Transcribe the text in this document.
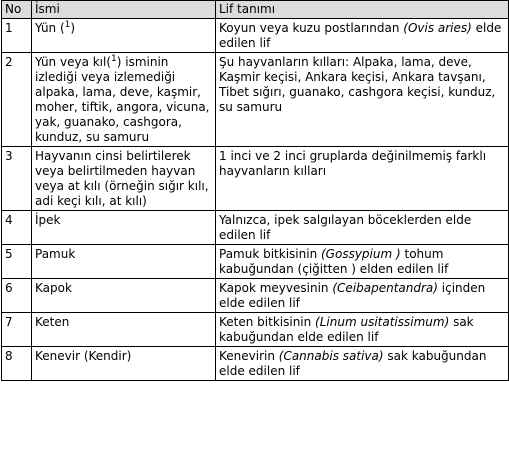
No	İsmi	Lif tanımı
1	Yün ($^1$)	Koyun veya kuzu postlarından (Ovis aries) elde edilen lif
2	Yün veya kıl($^1$) isminin izlediği veya izlemediği alpaka, lama, deve, kaşmir, moher, tiftik, angora, vicuna, yak, guanako, cashgora, kunduz, su samuru	Şu hayvanların kılları: Alpaka, lama, deve, Kaşmir keçisi, Ankara keçisi, Ankara tavşanı, Tibet sığırı, guanako, cashgora keçisi, kunduz, su samuru
3	Hayvanın cinsi belirtilerek veya belirtilmeden hayvan veya at kılı (örneğin sığır kılı, adi keçi kılı, at kılı)	1 inci ve 2 inci gruplarda değinilmemiş farklı hayvanların kılları
4	İpek	Yalnızca, ipek salgılayan böceklerden elde edilen lif
5	Pamuk	Pamuk bitkisinin (Gossypium ) tohum kabuğundan (çiğitten ) elden edilen lif
6	Kapok	Kapok meyvesinin (Ceibapentandra) içinden elde edilen lif
7	Keten	Keten bitkisinin (Linum usitatissimum) sak kabuğundan elde edilen lif
8	Kenevir (Kendir)	Kenevirin (Cannabis sativa) sak kabuğundan elde edilen lif
